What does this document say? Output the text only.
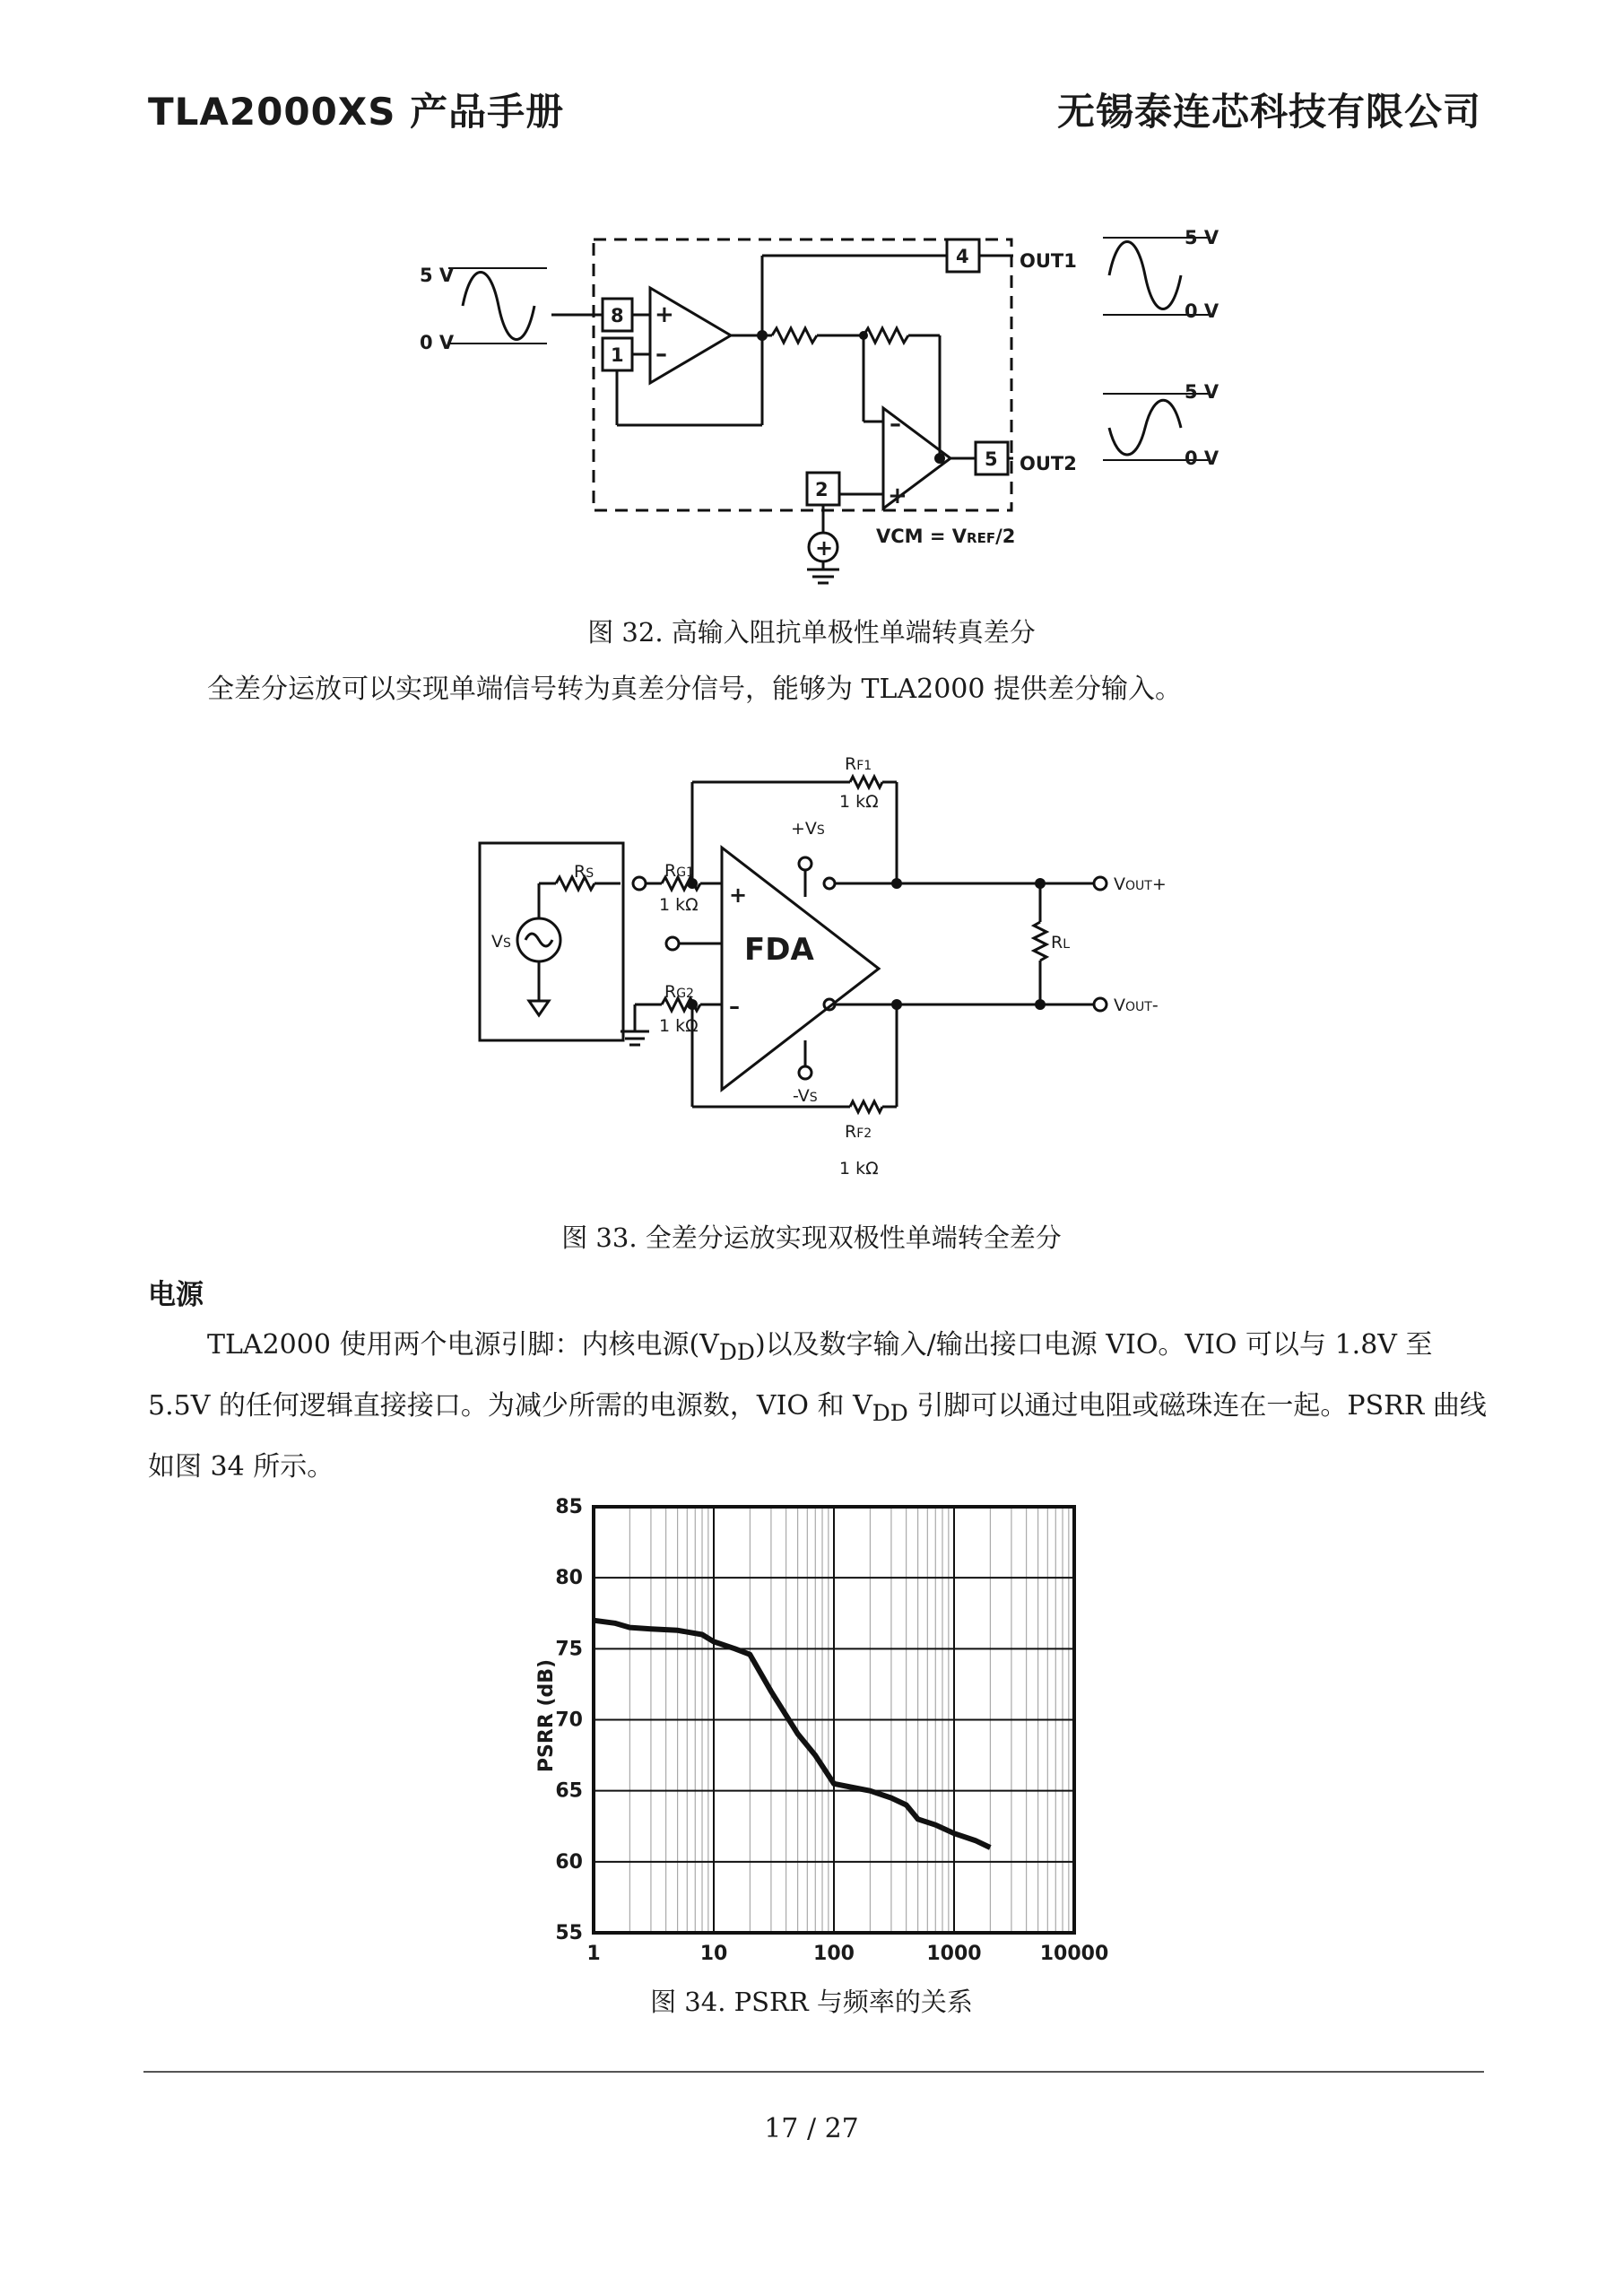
TLA2000XS 产品手册	无锡泰连芯科技有限公司
5 V
0 V
8
1
2
4
5
+
–
–
+
+
OUT1
OUT2
5 V
0 V
5 V
0 V
VCM = VREF/2
图 32. 高输入阻抗单极性单端转真差分

全差分运放可以实现单端信号转为真差分信号，能够为 TLA2000 提供差分输入。

RS
VS
RG1
1 kΩ
RG2
1 kΩ
RF1
1 kΩ
RF2
1 kΩ
+VS
-VS
FDA
+
–
RL
VOUT+
VOUT-
图 33. 全差分运放实现双极性单端转全差分
电源

TLA2000 使用两个电源引脚：内核电源$(V_{DD})$以及数字输入/输出接口电源 VIO。VIO 可以与 1.8V 至 5.5V 的任何逻辑直接接口。为减少所需的电源数，VIO 和 $V_{DD}$ 引脚可以通过电阻或磁珠连在一起。PSRR 曲线如图 34 所示。

55
60
65
70
75
80
85
1	10	100	1000	10000
PSRR (dB)
图 34. PSRR 与频率的关系
17 / 27
